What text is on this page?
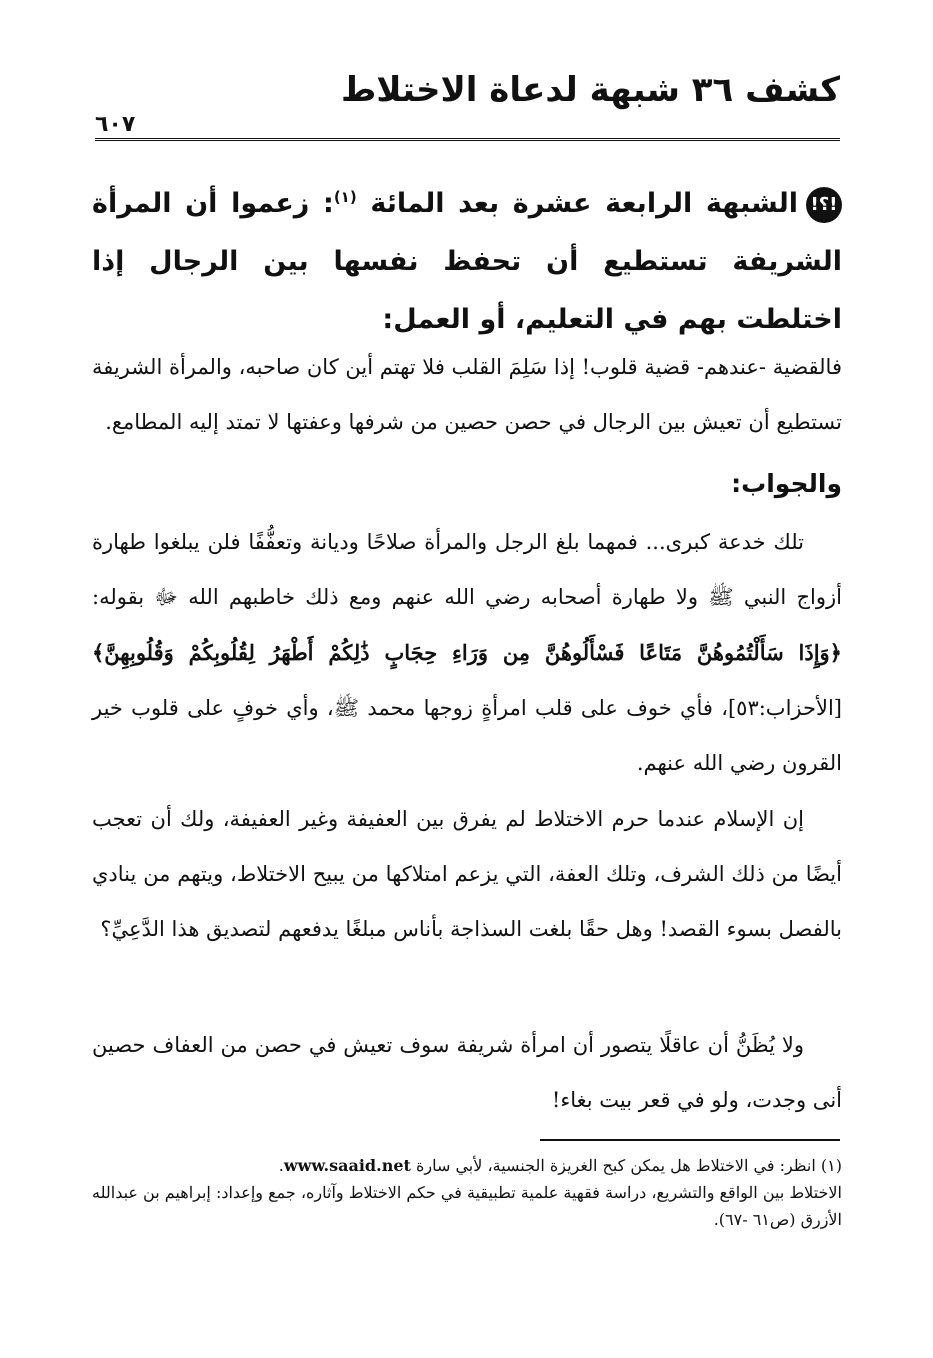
كشف ٣٦ شبهة لدعاة الاختلاط
٦٠٧
!؟!الشبهة الرابعة عشرة بعد المائة $^{(١)}$: زعموا أن المرأة الشريفة تستطيع أن تحفظ نفسها بين الرجال إذا اختلطت بهم في التعليم، أو العمل:
فالقضية -عندهم- قضية قلوب! إذا سَلِمَ القلب فلا تهتم أين كان صاحبه، والمرأة الشريفة تستطيع أن تعيش بين الرجال في حصن حصين من شرفها وعفتها لا تمتد إليه المطامع.
والجواب:
تلك خدعة كبرى... فمهما بلغ الرجل والمرأة صلاحًا وديانة وتعفُّفًا فلن يبلغوا طهارة أزواج النبي ﷺ ولا طهارة أصحابه رضي الله عنهم ومع ذلك خاطبهم الله ﷻ بقوله: ﴿وَإِذَا سَأَلْتُمُوهُنَّ مَتَاعًا فَسْأَلُوهُنَّ مِن وَرَاءِ حِجَابٍ ذَٰلِكُمْ أَطْهَرُ لِقُلُوبِكُمْ وَقُلُوبِهِنَّ﴾ [الأحزاب:٥٣]، فأي خوف على قلب امرأةٍ زوجها محمد ﷺ، وأي خوفٍ على قلوب خير القرون رضي الله عنهم.
إن الإسلام عندما حرم الاختلاط لم يفرق بين العفيفة وغير العفيفة، ولك أن تعجب أيضًا من ذلك الشرف، وتلك العفة، التي يزعم امتلاكها من يبيح الاختلاط، ويتهم من ينادي بالفصل بسوء القصد! وهل حقًا بلغت السذاجة بأناس مبلغًا يدفعهم لتصديق هذا الدَّعِيِّ؟
ولا يُظَنُّ أن عاقلًا يتصور أن امرأة شريفة سوف تعيش في حصن من العفاف حصين أنى وجدت، ولو في قعر بيت بغاء!
(١) انظر: في الاختلاط هل يمكن كبح الغريزة الجنسية، لأبي سارة www.saaid.net.
الاختلاط بين الواقع والتشريع، دراسة فقهية علمية تطبيقية في حكم الاختلاط وآثاره، جمع وإعداد: إبراهيم بن عبدالله الأزرق (ص٦١ -٦٧).
